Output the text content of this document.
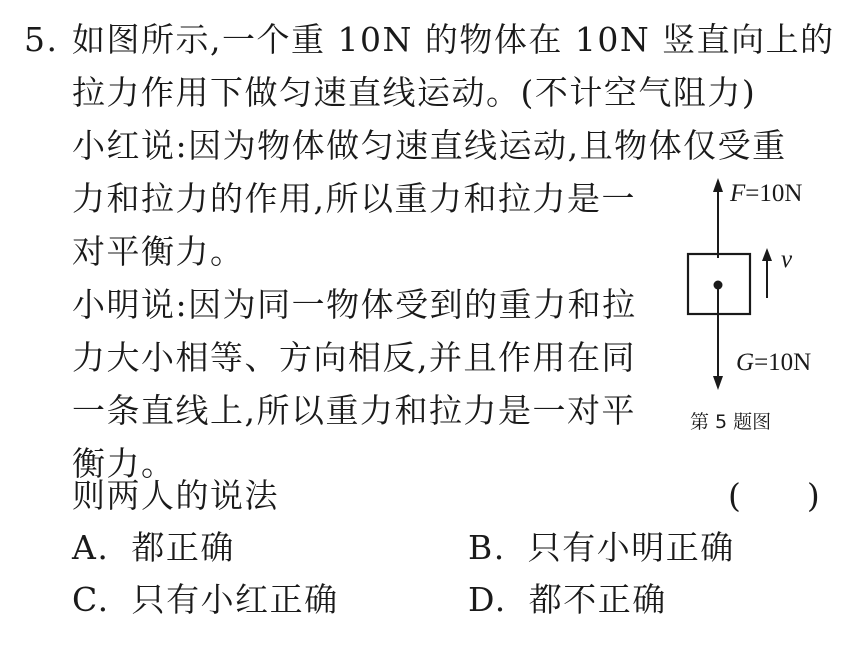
5. 如图所示,一个重 10N 的物体在 10N 竖直向上的
拉力作用下做匀速直线运动。(不计空气阻力)
小红说:因为物体做匀速直线运动,且物体仅受重
力和拉力的作用,所以重力和拉力是一
对平衡力。
小明说:因为同一物体受到的重力和拉
力大小相等、方向相反,并且作用在同
一条直线上,所以重力和拉力是一对平
衡力。
则两人的说法	(　　)
A. 都正确	B. 只有小明正确
C. 只有小红正确	D. 都不正确
F=10N
v
G=10N
第 5 题图
